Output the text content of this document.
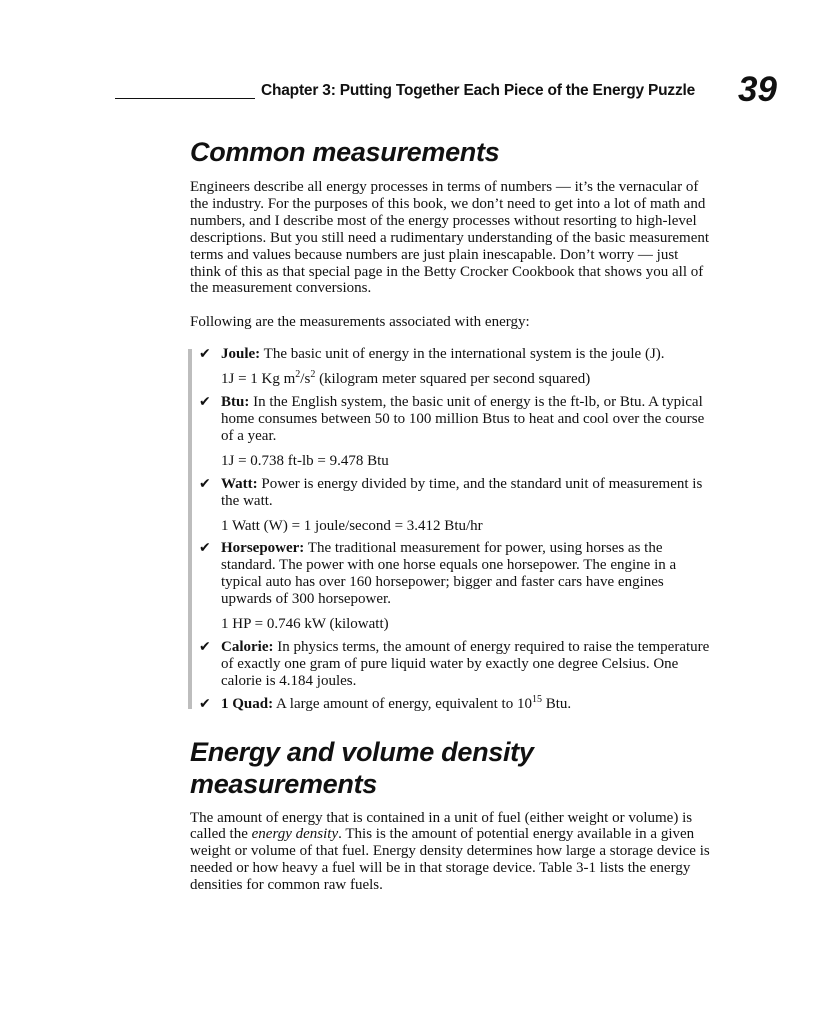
Chapter 3: Putting Together Each Piece of the Energy Puzzle 39
Common measurements

Engineers describe all energy processes in terms of numbers — it’s the vernacular of the industry. For the purposes of this book, we don’t need to get into a lot of math and numbers, and I describe most of the energy processes without resorting to high-level descriptions. But you still need a rudimentary understanding of the basic measurement terms and values because numbers are just plain inescapable. Don’t worry — just think of this as that special page in the Betty Crocker Cookbook that shows you all of the measurement conversions.

Following are the measurements associated with energy:

✔ Joule: The basic unit of energy in the international system is the joule (J).

1J = 1 Kg $m^2/s^2$ (kilogram meter squared per second squared)

✔ Btu: In the English system, the basic unit of energy is the ft-lb, or Btu. A typical home consumes between 50 to 100 million Btus to heat and cool over the course of a year.

1J = 0.738 ft-lb = 9.478 Btu

✔ Watt: Power is energy divided by time, and the standard unit of measurement is the watt.

1 Watt (W) = 1 joule/second = 3.412 Btu/hr

✔ Horsepower: The traditional measurement for power, using horses as the standard. The power with one horse equals one horsepower. The engine in a typical auto has over 160 horsepower; bigger and faster cars have engines upwards of 300 horsepower.

1 HP = 0.746 kW (kilowatt)

✔ Calorie: In physics terms, the amount of energy required to raise the temperature of exactly one gram of pure liquid water by exactly one degree Celsius. One calorie is 4.184 joules.

✔ 1 Quad: A large amount of energy, equivalent to $10^{15}$ Btu.

Energy and volume density measurements

The amount of energy that is contained in a unit of fuel (either weight or volume) is called the energy density. This is the amount of potential energy available in a given weight or volume of that fuel. Energy density determines how large a storage device is needed or how heavy a fuel will be in that storage device. Table 3-1 lists the energy densities for common raw fuels.
